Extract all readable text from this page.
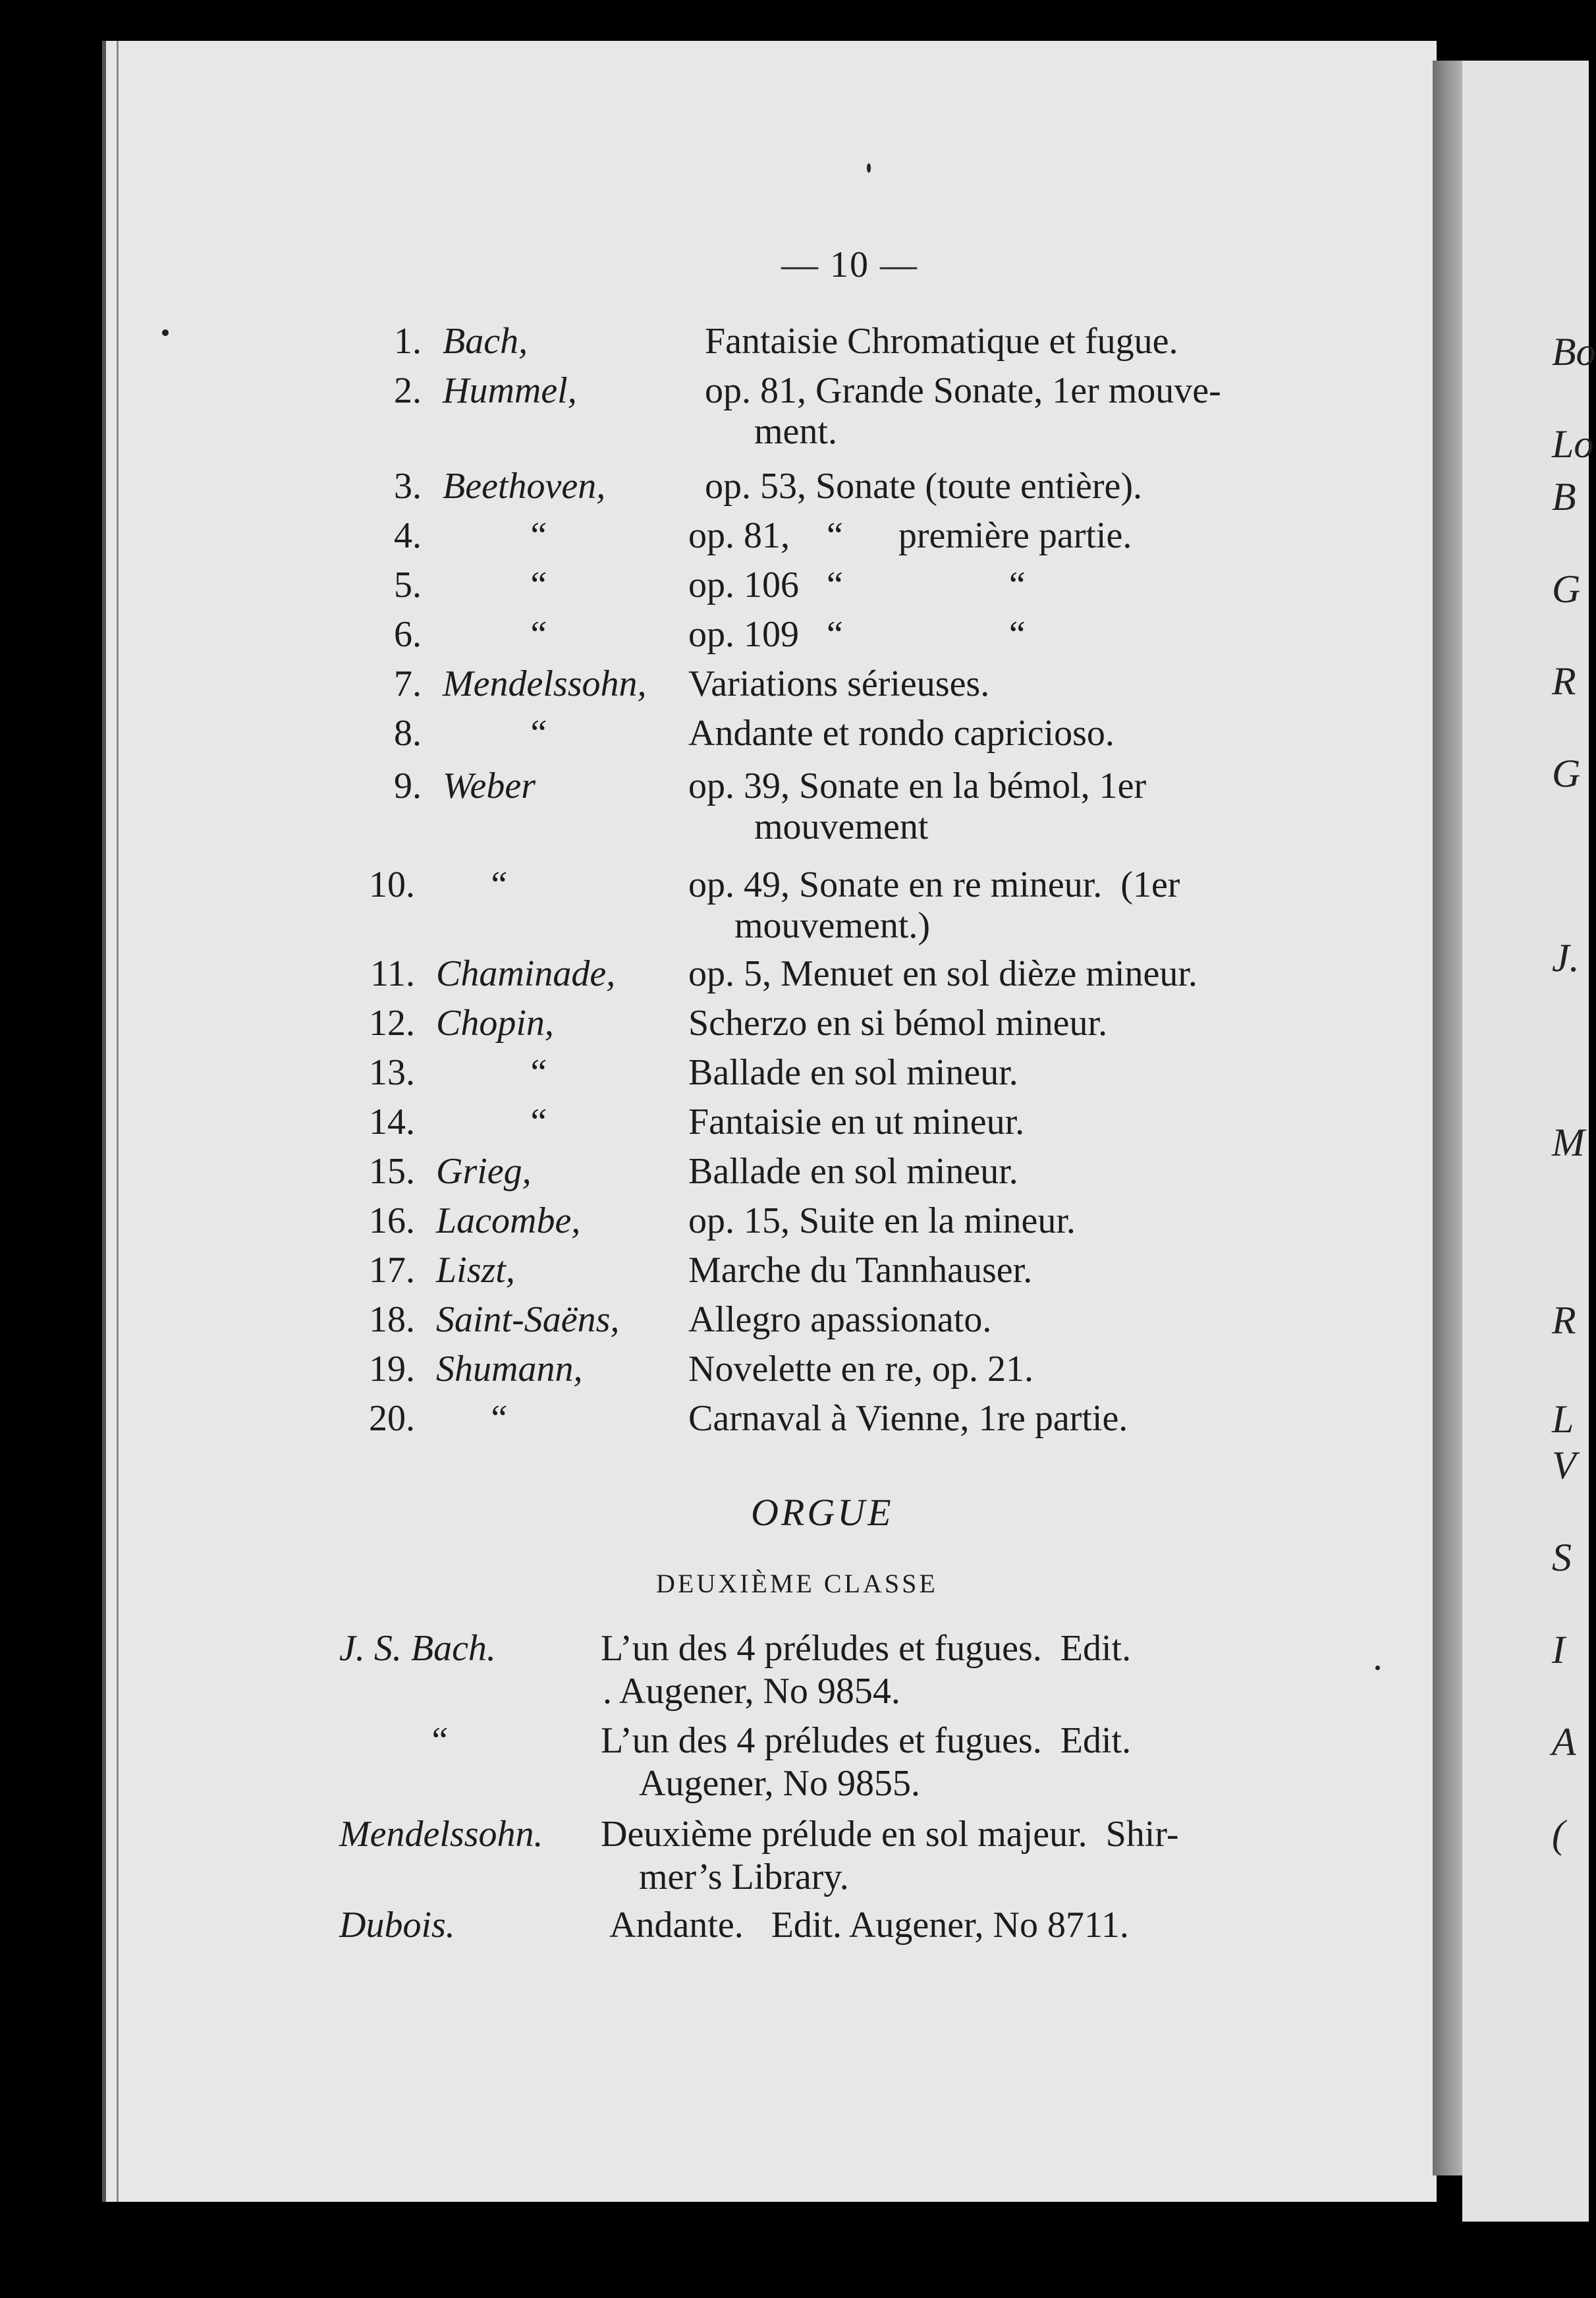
— 10 —
1. Bach,	Fantaisie Chromatique et fugue.
2. Hummel,	op. 81, Grande Sonate, 1er mouve-
ment.
3. Beethoven,	op. 53, Sonate (toute entière).
4.	“	op. 81,    “      première partie.
5.	“	op. 106   “                  “
6.	“	op. 109   “                  “
7. Mendelssohn, Variations sérieuses.
8.	“	Andante et rondo capricioso.
9. Weber	op. 39, Sonate en la bémol, 1er
mouvement
10. “	op. 49, Sonate en re mineur.  (1er
mouvement.)
11. Chaminade, op. 5, Menuet en sol dièze mineur.
12. Chopin,	Scherzo en si bémol mineur.
13.	“	Ballade en sol mineur.
14.	“	Fantaisie en ut mineur.
15. Grieg,	Ballade en sol mineur.
16. Lacombe,	op. 15, Suite en la mineur.
17. Liszt,	Marche du Tannhauser.
18. Saint-Saëns, Allegro apassionato.
19. Shumann,	Novelette en re, op. 21.
20. “	Carnaval à Vienne, 1re partie.
ORGUE
DEUXIÈME CLASSE
J. S. Bach.	L’un des 4 préludes et fugues.  Edit.
. Augener, No 9854.
“	L’un des 4 préludes et fugues.  Edit.
Augener, No 9855.
Mendelssohn. Deuxième prélude en sol majeur.  Shir-
mer’s Library.
Dubois.	Andante.   Edit. Augener, No 8711.
Bo
Lo
B
G
R
G
J.
M
R
L
V
S
I
A
(
